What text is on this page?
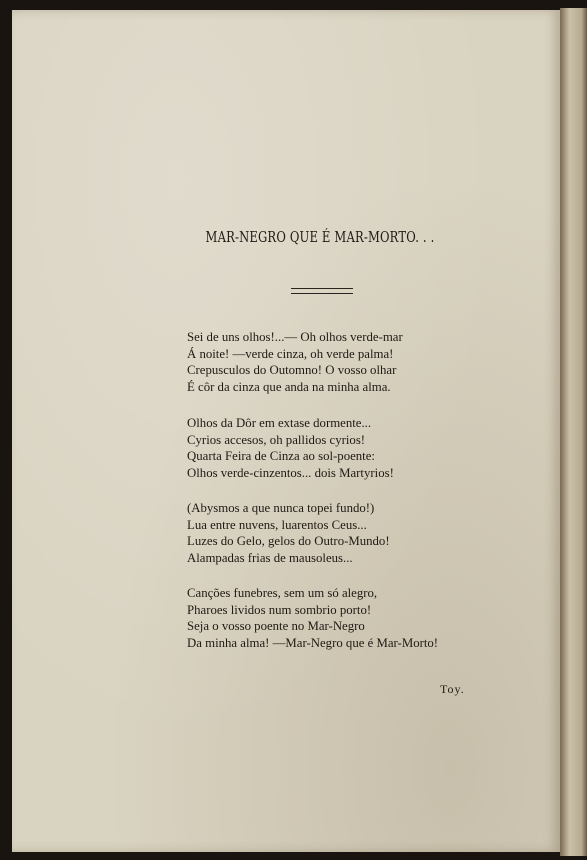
MAR-NEGRO QUE É MAR-MORTO. . .
Sei de uns olhos!...— Oh olhos verde-mar
Á noite! —verde cinza, oh verde palma!
Crepusculos do Outomno! O vosso olhar
É côr da cinza que anda na minha alma.
Olhos da Dôr em extase dormente...
Cyrios accesos, oh pallidos cyrios!
Quarta Feira de Cinza ao sol-poente:
Olhos verde-cinzentos... dois Martyrios!
(Abysmos a que nunca topei fundo!)
Lua entre nuvens, luarentos Ceus...
Luzes do Gelo, gelos do Outro-Mundo!
Alampadas frias de mausoleus...
Canções funebres, sem um só alegro,
Pharoes lividos num sombrio porto!
Seja o vosso poente no Mar-Negro
Da minha alma! —Mar-Negro que é Mar-Morto!
Toy.
